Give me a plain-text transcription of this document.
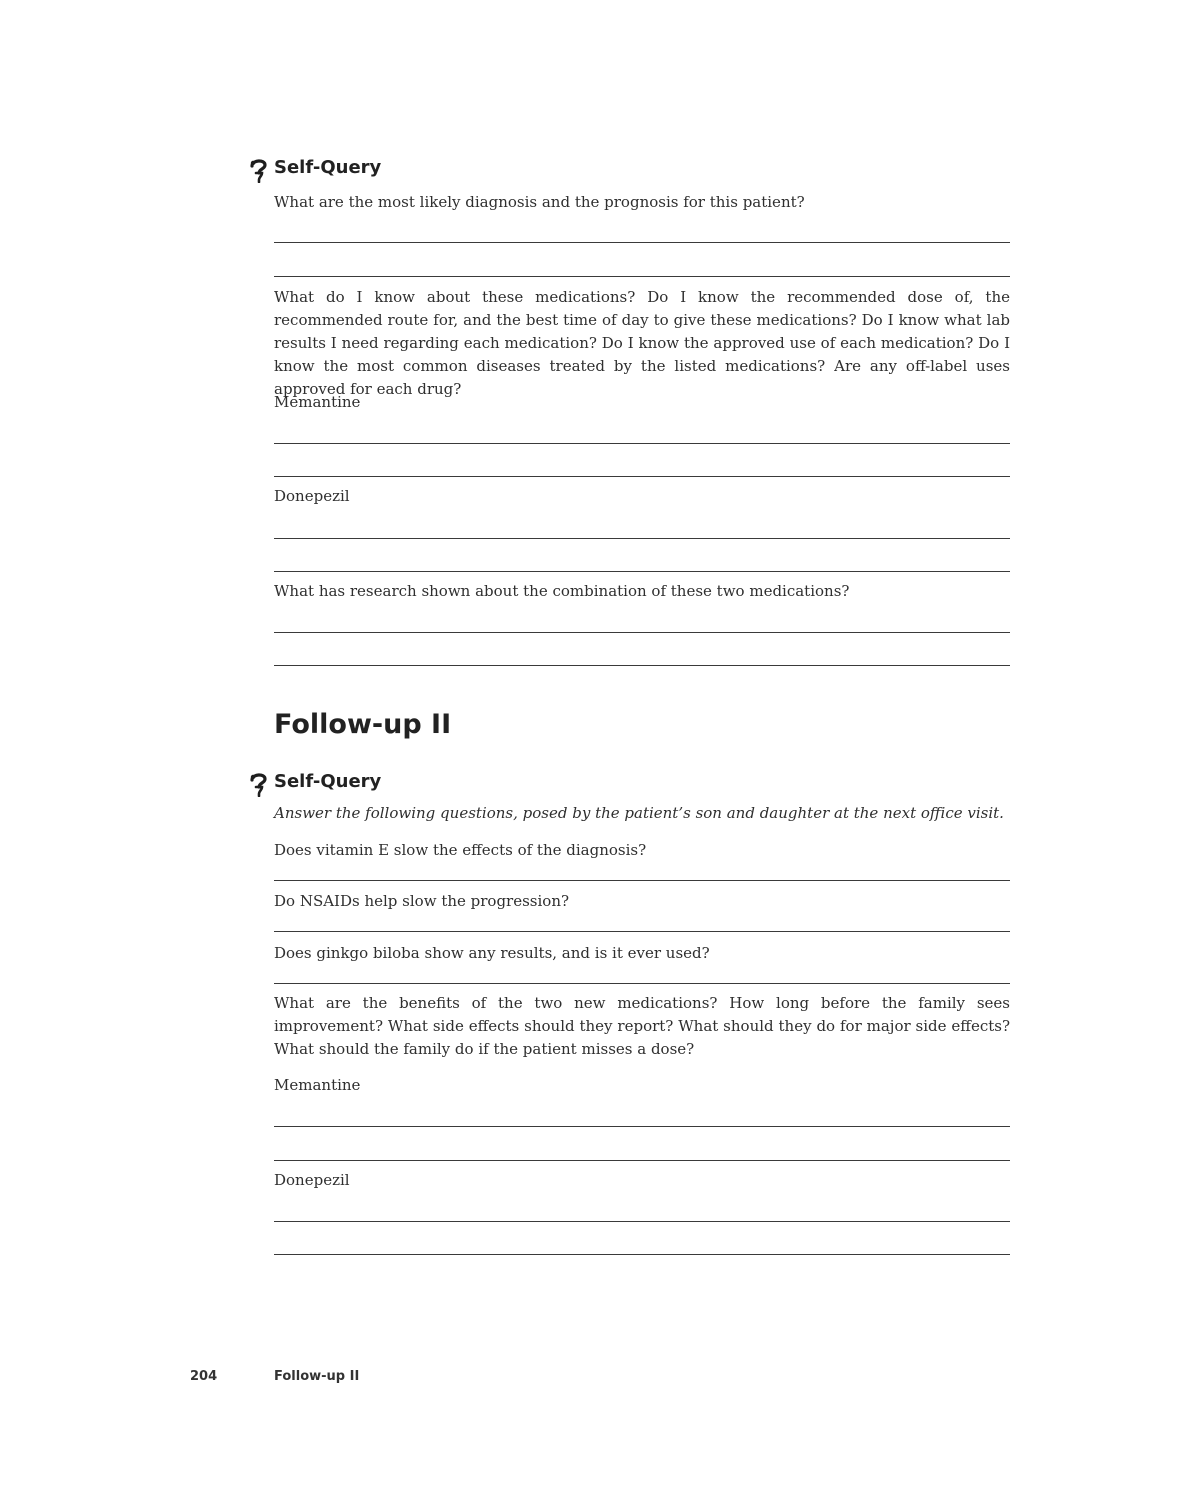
Self-Query
What are the most likely diagnosis and the prognosis for this patient?
What do I know about these medications? Do I know the recommended dose of, the recommended route for, and the best time of day to give these medications? Do I know what lab results I need regarding each medication? Do I know the approved use of each medication? Do I know the most common diseases treated by the listed medications? Are any off-label uses approved for each drug?
Memantine
Donepezil
What has research shown about the combination of these two medications?
Follow-up II
Self-Query
Answer the following questions, posed by the patient’s son and daughter at the next office visit.
Does vitamin E slow the effects of the diagnosis?
Do NSAIDs help slow the progression?
Does ginkgo biloba show any results, and is it ever used?
What are the benefits of the two new medications? How long before the family sees improvement? What side effects should they report? What should they do for major side effects? What should the family do if the patient misses a dose?
Memantine
Donepezil
204	Follow-up II
